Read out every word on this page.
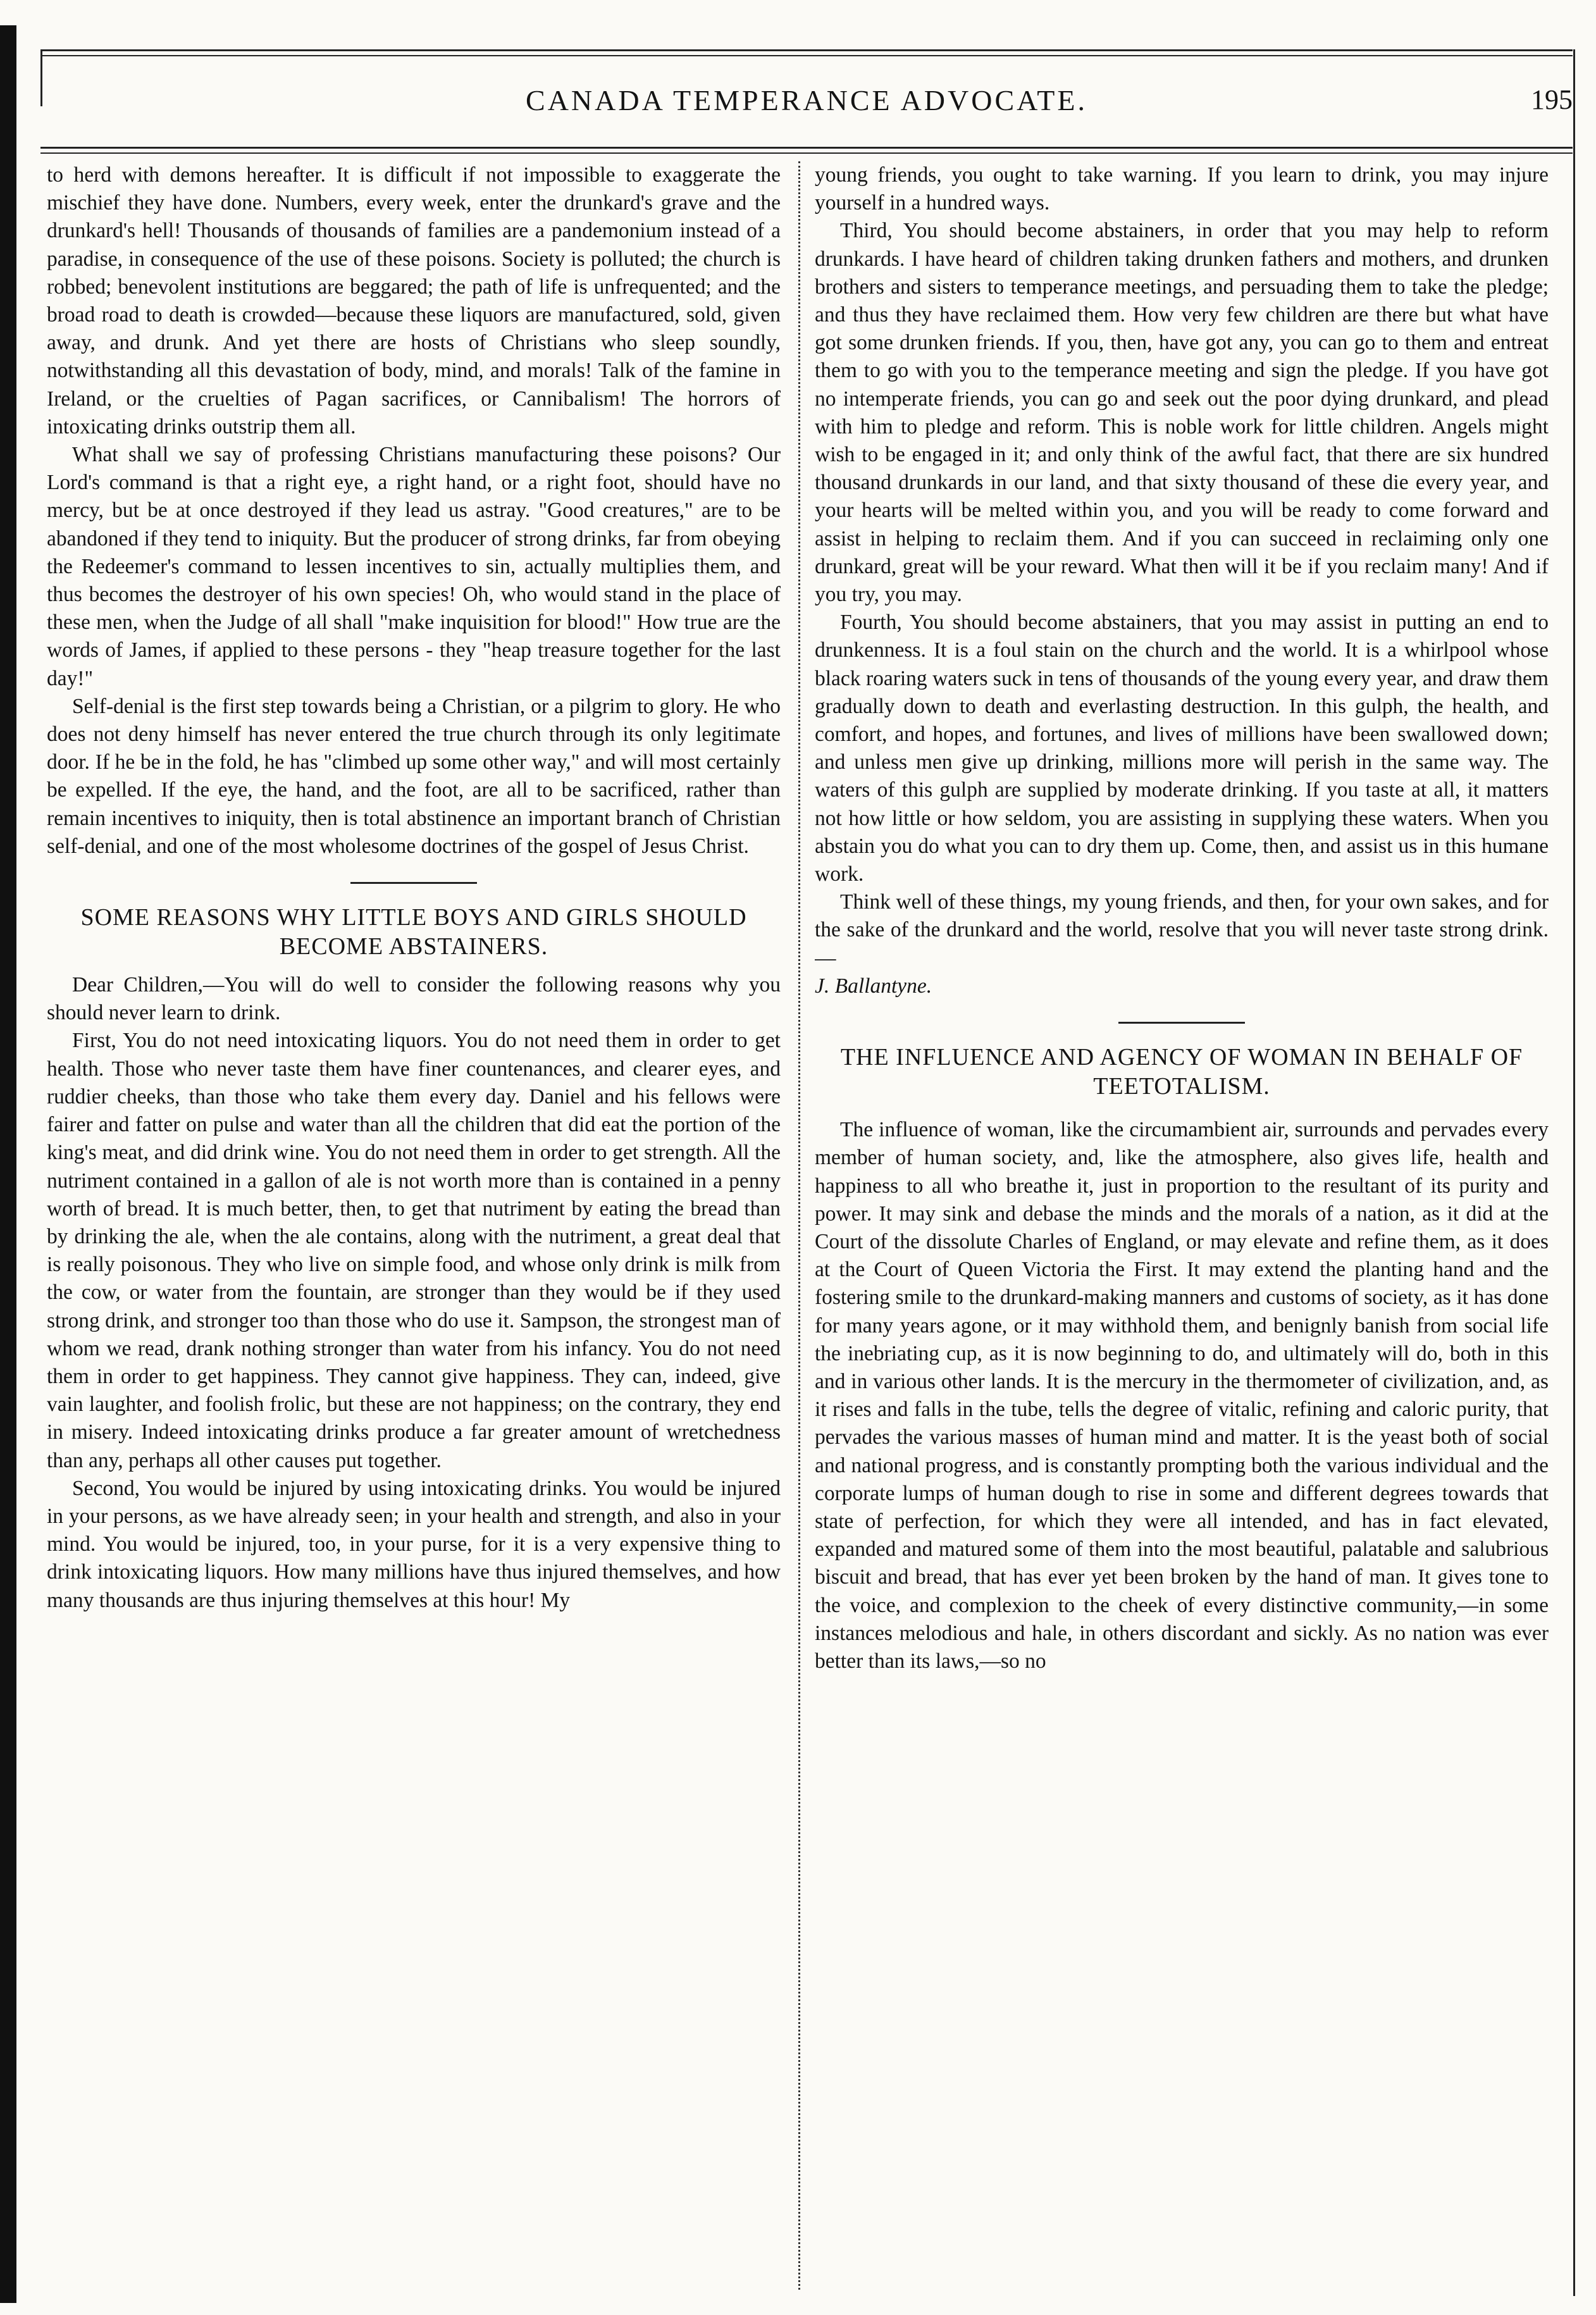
CANADA TEMPERANCE ADVOCATE.	195

to herd with demons hereafter. It is difficult if not impossible to exaggerate the mischief they have done. Numbers, every week, enter the drunkard's grave and the drunkard's hell! Thousands of thousands of families are a pandemonium instead of a paradise, in consequence of the use of these poisons. Society is polluted; the church is robbed; benevolent institutions are beggared; the path of life is unfrequented; and the broad road to death is crowded—because these liquors are manufactured, sold, given away, and drunk. And yet there are hosts of Christians who sleep soundly, notwithstanding all this devastation of body, mind, and morals! Talk of the famine in Ireland, or the cruelties of Pagan sacrifices, or Cannibalism! The horrors of intoxicating drinks outstrip them all.

What shall we say of professing Christians manufacturing these poisons? Our Lord's command is that a right eye, a right hand, or a right foot, should have no mercy, but be at once destroyed if they lead us astray. "Good creatures," are to be abandoned if they tend to iniquity. But the producer of strong drinks, far from obeying the Redeemer's command to lessen incentives to sin, actually multiplies them, and thus becomes the destroyer of his own species! Oh, who would stand in the place of these men, when the Judge of all shall "make inquisition for blood!" How true are the words of James, if applied to these persons - they "heap treasure together for the last day!"

Self-denial is the first step towards being a Christian, or a pilgrim to glory. He who does not deny himself has never entered the true church through its only legitimate door. If he be in the fold, he has "climbed up some other way," and will most certainly be expelled. If the eye, the hand, and the foot, are all to be sacrificed, rather than remain incentives to iniquity, then is total abstinence an important branch of Christian self-denial, and one of the most wholesome doctrines of the gospel of Jesus Christ.

SOME REASONS WHY LITTLE BOYS AND GIRLS SHOULD BECOME ABSTAINERS.

Dear Children,—You will do well to consider the following reasons why you should never learn to drink.

First, You do not need intoxicating liquors. You do not need them in order to get health. Those who never taste them have finer countenances, and clearer eyes, and ruddier cheeks, than those who take them every day. Daniel and his fellows were fairer and fatter on pulse and water than all the children that did eat the portion of the king's meat, and did drink wine. You do not need them in order to get strength. All the nutriment contained in a gallon of ale is not worth more than is contained in a penny worth of bread. It is much better, then, to get that nutriment by eating the bread than by drinking the ale, when the ale contains, along with the nutriment, a great deal that is really poisonous. They who live on simple food, and whose only drink is milk from the cow, or water from the fountain, are stronger than they would be if they used strong drink, and stronger too than those who do use it. Sampson, the strongest man of whom we read, drank nothing stronger than water from his infancy. You do not need them in order to get happiness. They cannot give happiness. They can, indeed, give vain laughter, and foolish frolic, but these are not happiness; on the contrary, they end in misery. Indeed intoxicating drinks produce a far greater amount of wretchedness than any, perhaps all other causes put together.

Second, You would be injured by using intoxicating drinks. You would be injured in your persons, as we have already seen; in your health and strength, and also in your mind. You would be injured, too, in your purse, for it is a very expensive thing to drink intoxicating liquors. How many millions have thus injured themselves, and how many thousands are thus injuring themselves at this hour! My

young friends, you ought to take warning. If you learn to drink, you may injure yourself in a hundred ways.

Third, You should become abstainers, in order that you may help to reform drunkards. I have heard of children taking drunken fathers and mothers, and drunken brothers and sisters to temperance meetings, and persuading them to take the pledge; and thus they have reclaimed them. How very few children are there but what have got some drunken friends. If you, then, have got any, you can go to them and entreat them to go with you to the temperance meeting and sign the pledge. If you have got no intemperate friends, you can go and seek out the poor dying drunkard, and plead with him to pledge and reform. This is noble work for little children. Angels might wish to be engaged in it; and only think of the awful fact, that there are six hundred thousand drunkards in our land, and that sixty thousand of these die every year, and your hearts will be melted within you, and you will be ready to come forward and assist in helping to reclaim them. And if you can succeed in reclaiming only one drunkard, great will be your reward. What then will it be if you reclaim many! And if you try, you may.

Fourth, You should become abstainers, that you may assist in putting an end to drunkenness. It is a foul stain on the church and the world. It is a whirlpool whose black roaring waters suck in tens of thousands of the young every year, and draw them gradually down to death and everlasting destruction. In this gulph, the health, and comfort, and hopes, and fortunes, and lives of millions have been swallowed down; and unless men give up drinking, millions more will perish in the same way. The waters of this gulph are supplied by moderate drinking. If you taste at all, it matters not how little or how seldom, you are assisting in supplying these waters. When you abstain you do what you can to dry them up. Come, then, and assist us in this humane work.

Think well of these things, my young friends, and then, for your own sakes, and for the sake of the drunkard and the world, resolve that you will never taste strong drink.—

J. Ballantyne.

THE INFLUENCE AND AGENCY OF WOMAN IN BEHALF OF TEETOTALISM.

The influence of woman, like the circumambient air, surrounds and pervades every member of human society, and, like the atmosphere, also gives life, health and happiness to all who breathe it, just in proportion to the resultant of its purity and power. It may sink and debase the minds and the morals of a nation, as it did at the Court of the dissolute Charles of England, or may elevate and refine them, as it does at the Court of Queen Victoria the First. It may extend the planting hand and the fostering smile to the drunkard-making manners and customs of society, as it has done for many years agone, or it may withhold them, and benignly banish from social life the inebriating cup, as it is now beginning to do, and ultimately will do, both in this and in various other lands. It is the mercury in the thermometer of civilization, and, as it rises and falls in the tube, tells the degree of vitalic, refining and caloric purity, that pervades the various masses of human mind and matter. It is the yeast both of social and national progress, and is constantly prompting both the various individual and the corporate lumps of human dough to rise in some and different degrees towards that state of perfection, for which they were all intended, and has in fact elevated, expanded and matured some of them into the most beautiful, palatable and salubrious biscuit and bread, that has ever yet been broken by the hand of man. It gives tone to the voice, and complexion to the cheek of every distinctive community,—in some instances melodious and hale, in others discordant and sickly. As no nation was ever better than its laws,—so no
